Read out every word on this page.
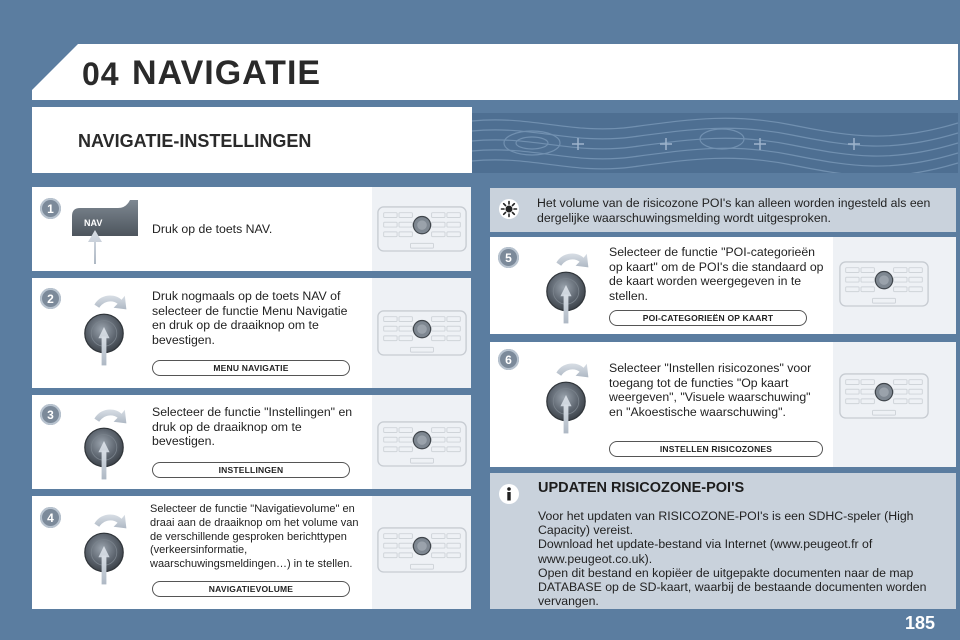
04 NAVIGATIE
NAVIGATIE-INSTELLINGEN
1
NAV	Druk op de toets NAV.
2	Druk nogmaals op de toets NAV of selecteer de functie Menu Navigatie en druk op de draaiknop om te bevestigen.
MENU NAVIGATIE
3	Selecteer de functie "Instellingen" en druk op de draaiknop om te bevestigen.
INSTELLINGEN
4
Selecteer de functie "Navigatievolume" en draai aan de draaiknop om het volume van de verschillende gesproken berichttypen (verkeersinformatie, waarschuwingsmeldingen…) in te stellen.
NAVIGATIEVOLUME
Het volume van de risicozone POI's kan alleen worden ingesteld als een dergelijke waarschuwingsmelding wordt uitgesproken.
5	Selecteer de functie "POI-categorieën op kaart" om de POI's die standaard op de kaart worden weergegeven in te stellen.
POI-CATEGORIEËN OP KAART
6
Selecteer "Instellen risicozones" voor toegang tot de functies "Op kaart weergeven", "Visuele waarschuwing" en "Akoestische waarschuwing".
INSTELLEN RISICOZONES
UPDATEN RISICOZONE-POI'S
Voor het updaten van RISICOZONE-POI's is een SDHC-speler (High Capacity) vereist.
Download het update-bestand via Internet (www.peugeot.fr of www.peugeot.co.uk).
Open dit bestand en kopiëer de uitgepakte documenten naar de map DATABASE op de SD-kaart, waarbij de bestaande documenten worden vervangen.
185
